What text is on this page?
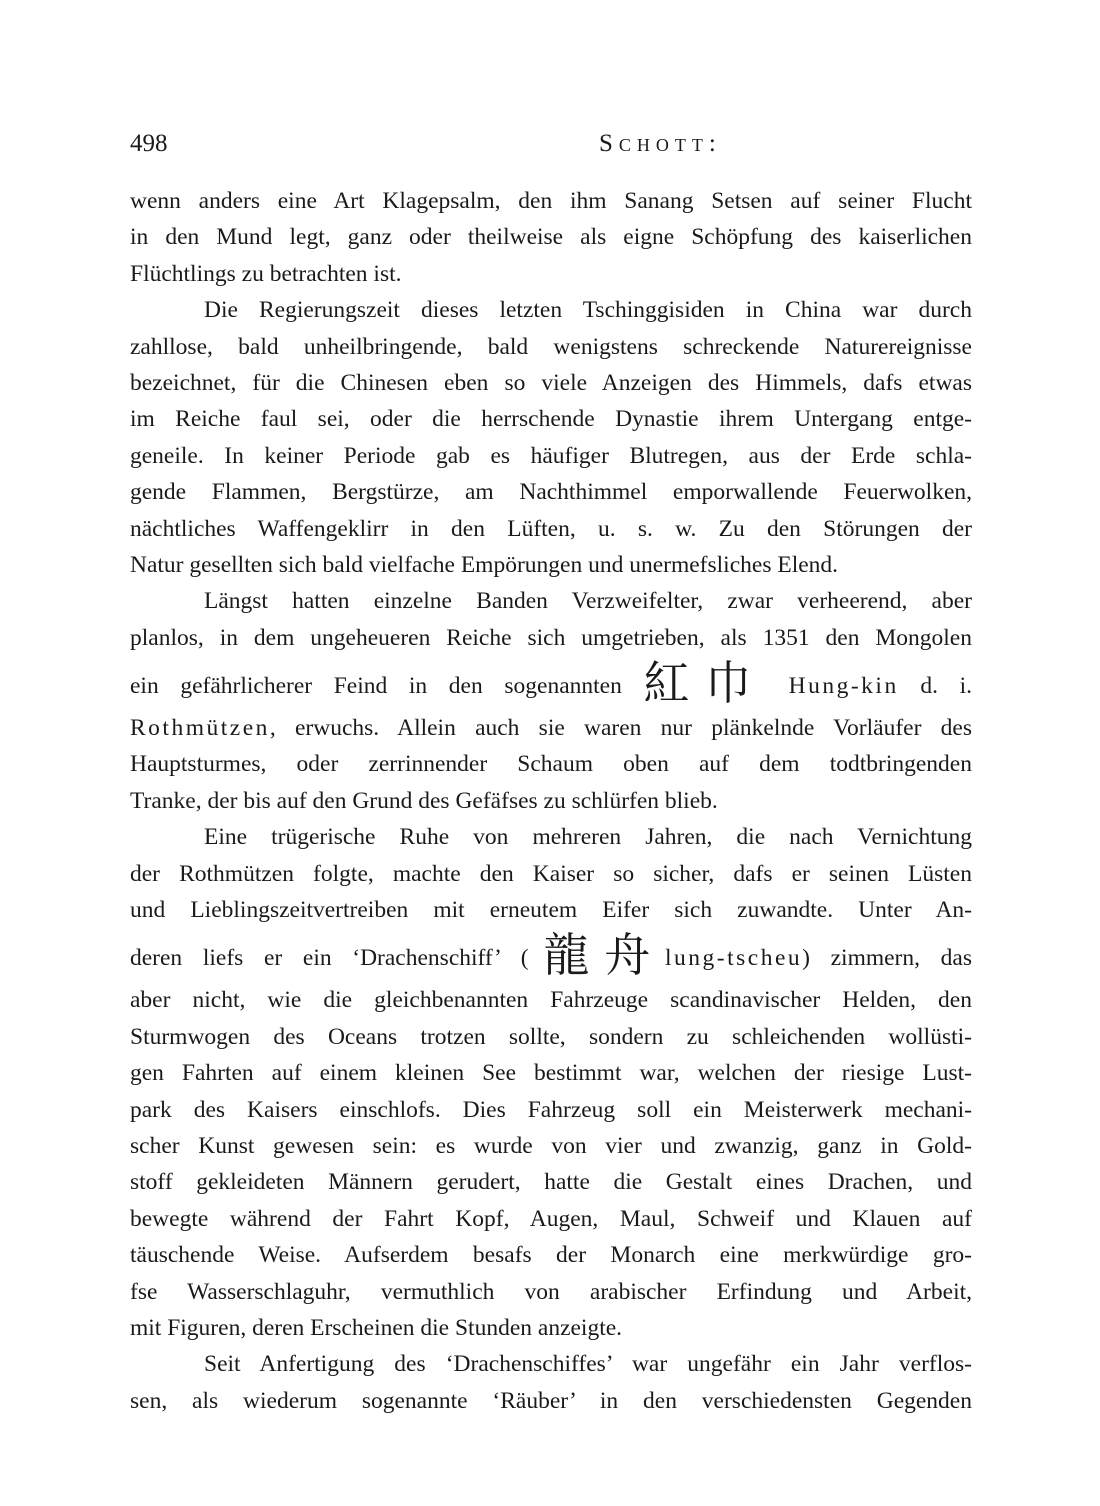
498	Schott:
wenn anders eine Art Klagepsalm, den ihm Sanang Setsen auf seiner Flucht
in den Mund legt, ganz oder theilweise als eigne Schöpfung des kaiserlichen
Flüchtlings zu betrachten ist.
Die Regierungszeit dieses letzten Tschinggisiden in China war durch
zahllose, bald unheilbringende, bald wenigstens schreckende Naturereignisse
bezeichnet, für die Chinesen eben so viele Anzeigen des Himmels, dafs etwas
im Reiche faul sei, oder die herrschende Dynastie ihrem Untergang entge-
geneile. In keiner Periode gab es häufiger Blutregen, aus der Erde schla-
gende Flammen, Bergstürze, am Nachthimmel emporwallende Feuerwolken,
nächtliches Waffengeklirr in den Lüften, u. s. w. Zu den Störungen der
Natur gesellten sich bald vielfache Empörungen und unermefsliches Elend.
Längst hatten einzelne Banden Verzweifelter, zwar verheerend, aber
planlos, in dem ungeheueren Reiche sich umgetrieben, als 1351 den Mongolen
ein gefährlicherer Feind in den sogenannten 紅巾 Hung-kin d. i.
Rothmützen, erwuchs. Allein auch sie waren nur plänkelnde Vorläufer des
Hauptsturmes, oder zerrinnender Schaum oben auf dem todtbringenden
Tranke, der bis auf den Grund des Gefäfses zu schlürfen blieb.
Eine trügerische Ruhe von mehreren Jahren, die nach Vernichtung
der Rothmützen folgte, machte den Kaiser so sicher, dafs er seinen Lüsten
und Lieblingszeitvertreiben mit erneutem Eifer sich zuwandte. Unter An-
deren liefs er ein ‘Drachenschiff’ (龍舟lung-tscheu) zimmern, das
aber nicht, wie die gleichbenannten Fahrzeuge scandinavischer Helden, den
Sturmwogen des Oceans trotzen sollte, sondern zu schleichenden wollüsti-
gen Fahrten auf einem kleinen See bestimmt war, welchen der riesige Lust-
park des Kaisers einschlofs. Dies Fahrzeug soll ein Meisterwerk mechani-
scher Kunst gewesen sein: es wurde von vier und zwanzig, ganz in Gold-
stoff gekleideten Männern gerudert, hatte die Gestalt eines Drachen, und
bewegte während der Fahrt Kopf, Augen, Maul, Schweif und Klauen auf
täuschende Weise. Aufserdem besafs der Monarch eine merkwürdige gro-
fse Wasserschlaguhr, vermuthlich von arabischer Erfindung und Arbeit,
mit Figuren, deren Erscheinen die Stunden anzeigte.
Seit Anfertigung des ‘Drachenschiffes’ war ungefähr ein Jahr verflos-
sen, als wiederum sogenannte ‘Räuber’ in den verschiedensten Gegenden
